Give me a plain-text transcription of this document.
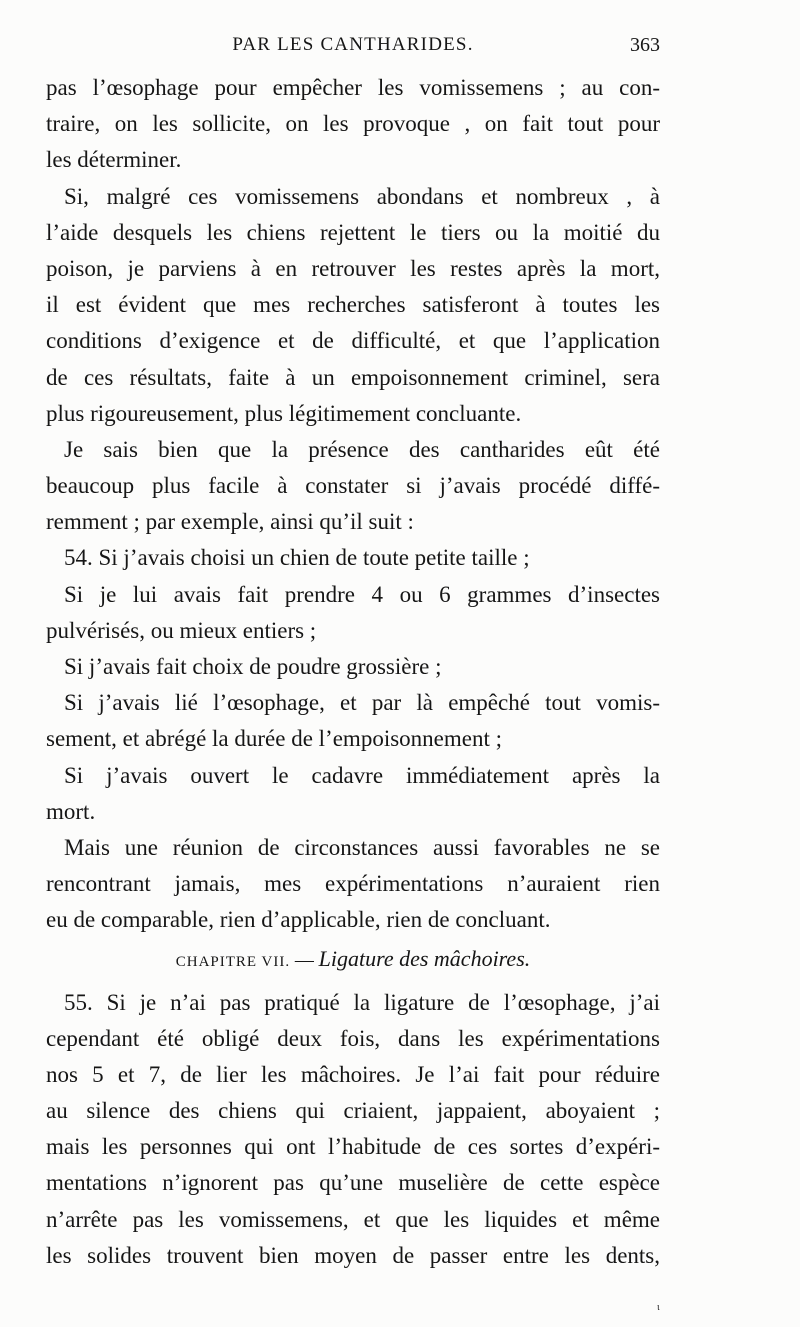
PAR LES CANTHARIDES.	363
pas l’œsophage pour empêcher les vomissemens ; au con-
traire, on les sollicite, on les provoque , on fait tout pour
les déterminer.
Si, malgré ces vomissemens abondans et nombreux , à
l’aide desquels les chiens rejettent le tiers ou la moitié du
poison, je parviens à en retrouver les restes après la mort,
il est évident que mes recherches satisferont à toutes les
conditions d’exigence et de difficulté, et que l’application
de ces résultats, faite à un empoisonnement criminel, sera
plus rigoureusement, plus légitimement concluante.
Je sais bien que la présence des cantharides eût été
beaucoup plus facile à constater si j’avais procédé diffé-
remment ; par exemple, ainsi qu’il suit :
54. Si j’avais choisi un chien de toute petite taille ;
Si je lui avais fait prendre 4 ou 6 grammes d’insectes
pulvérisés, ou mieux entiers ;
Si j’avais fait choix de poudre grossière ;
Si j’avais lié l’œsophage, et par là empêché tout vomis-
sement, et abrégé la durée de l’empoisonnement ;
Si j’avais ouvert le cadavre immédiatement après la
mort.
Mais une réunion de circonstances aussi favorables ne se
rencontrant jamais, mes expérimentations n’auraient rien
eu de comparable, rien d’applicable, rien de concluant.
CHAPITRE VII. — Ligature des mâchoires.
55. Si je n’ai pas pratiqué la ligature de l’œsophage, j’ai
cependant été obligé deux fois, dans les expérimentations
nos 5 et 7, de lier les mâchoires. Je l’ai fait pour réduire
au silence des chiens qui criaient, jappaient, aboyaient ;
mais les personnes qui ont l’habitude de ces sortes d’expéri-
mentations n’ignorent pas qu’une muselière de cette espèce
n’arrête pas les vomissemens, et que les liquides et même
les solides trouvent bien moyen de passer entre les dents,
ι
